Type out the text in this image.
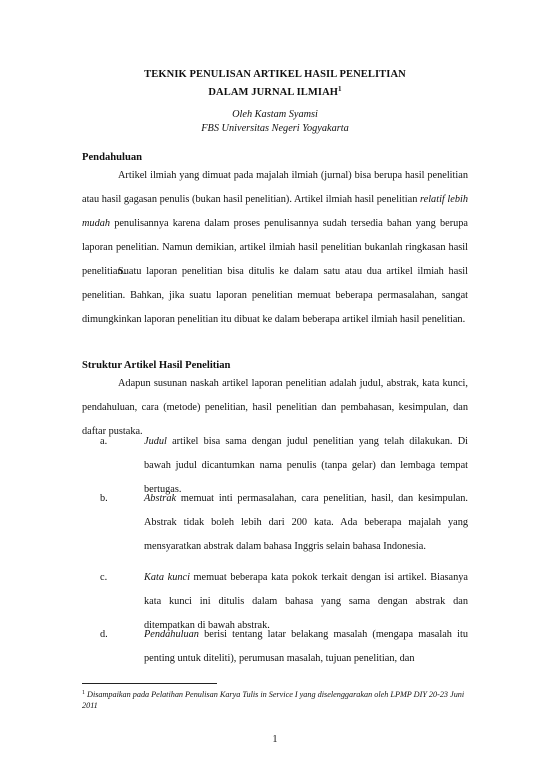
TEKNIK PENULISAN ARTIKEL HASIL PENELITIAN
DALAM JURNAL ILMIAH$^1$
Oleh Kastam Syamsi
FBS Universitas Negeri Yogyakarta
Pendahuluan
Artikel ilmiah yang dimuat pada majalah ilmiah (jurnal) bisa berupa hasil penelitian atau hasil gagasan penulis (bukan hasil penelitian). Artikel ilmiah hasil penelitian relatif lebih mudah penulisannya karena dalam proses penulisannya sudah tersedia bahan yang berupa laporan penelitian. Namun demikian, artikel ilmiah hasil penelitian bukanlah ringkasan hasil penelitian.
Suatu laporan penelitian bisa ditulis ke dalam satu atau dua artikel ilmiah hasil penelitian. Bahkan, jika suatu laporan penelitian memuat beberapa permasalahan, sangat dimungkinkan laporan penelitian itu dibuat ke dalam beberapa artikel ilmiah hasil penelitian.
Struktur Artikel Hasil Penelitian
Adapun susunan naskah artikel laporan penelitian adalah judul, abstrak, kata kunci, pendahuluan, cara (metode) penelitian, hasil penelitian dan pembahasan, kesimpulan, dan daftar pustaka.
a.	Judul artikel bisa sama dengan judul penelitian yang telah dilakukan. Di bawah judul dicantumkan nama penulis (tanpa gelar) dan lembaga tempat bertugas.
b.	Abstrak memuat inti permasalahan, cara penelitian, hasil, dan kesimpulan. Abstrak tidak boleh lebih dari 200 kata. Ada beberapa majalah yang mensyaratkan abstrak dalam bahasa Inggris selain bahasa Indonesia.
c.	Kata kunci memuat beberapa kata pokok terkait dengan isi artikel. Biasanya kata kunci ini ditulis dalam bahasa yang sama dengan abstrak dan ditempatkan di bawah abstrak.
d.	Pendahuluan berisi tentang latar belakang masalah (mengapa masalah itu penting untuk diteliti), perumusan masalah, tujuan penelitian, dan
$^1$ Disampaikan pada Pelatihan Penulisan Karya Tulis in Service I yang diselenggarakan oleh LPMP DIY 20-23 Juni 2011
1
